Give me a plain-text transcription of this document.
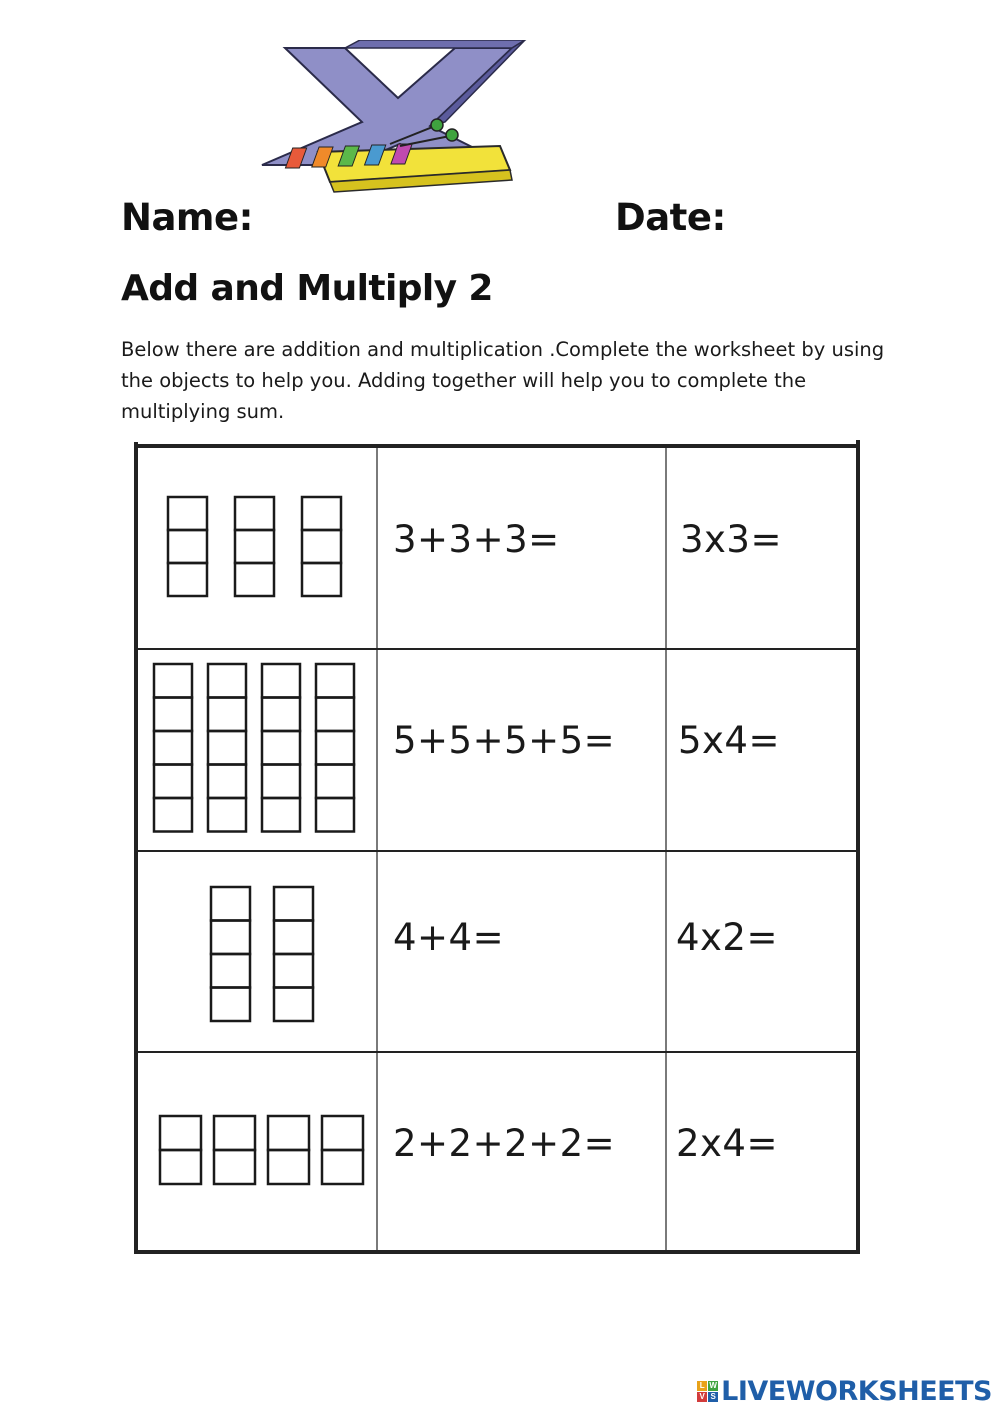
Name:	Date:
Add and Multiply 2
Below there are addition and multiplication .Complete the worksheet by using the objects to help you. Adding together will help you to complete the multiplying sum.
3+3+3=	3x3=
5+5+5+5= 5x4=
4+4=	4x2=
2+2+2+2= 2x4=
L W
V S LIVEWORKSHEETS
